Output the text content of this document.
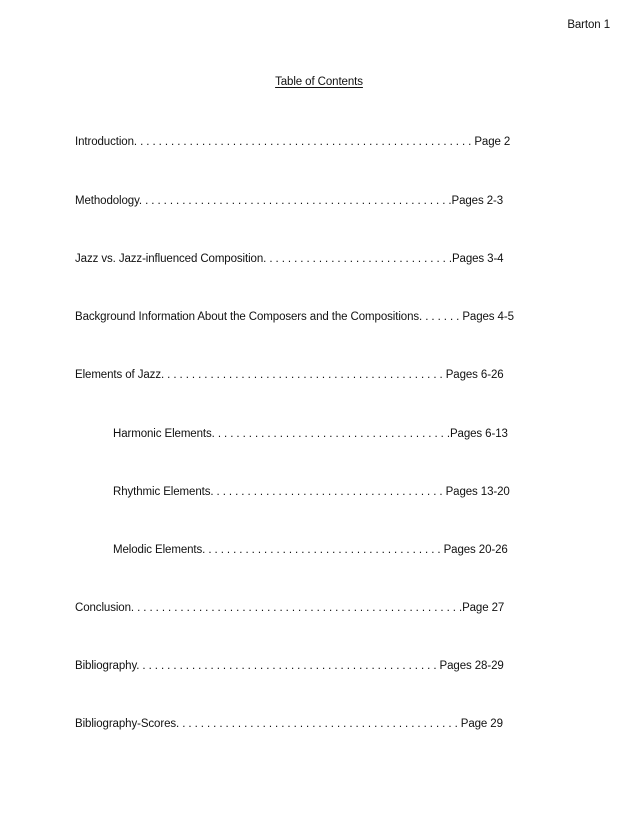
Barton 1
Table of Contents
Introduction. . . . . . . . . . . . . . . . . . . . . . . . . . . . . . . . . . . . . . . . . . . . . . . . . . . . . . . Page 2
Methodology. . . . . . . . . . . . . . . . . . . . . . . . . . . . . . . . . . . . . . . . . . . . . . . . . . .Pages 2-3
Jazz vs. Jazz-influenced Composition. . . . . . . . . . . . . . . . . . . . . . . . . . . . . . .Pages 3-4
Background Information About the Composers and the Compositions. . . . . . . Pages 4-5
Elements of Jazz. . . . . . . . . . . . . . . . . . . . . . . . . . . . . . . . . . . . . . . . . . . . . . Pages 6-26
Harmonic Elements. . . . . . . . . . . . . . . . . . . . . . . . . . . . . . . . . . . . . . .Pages 6-13
Rhythmic Elements. . . . . . . . . . . . . . . . . . . . . . . . . . . . . . . . . . . . . . Pages 13-20
Melodic Elements. . . . . . . . . . . . . . . . . . . . . . . . . . . . . . . . . . . . . . . Pages 20-26
Conclusion. . . . . . . . . . . . . . . . . . . . . . . . . . . . . . . . . . . . . . . . . . . . . . . . . . . . . .Page 27
Bibliography. . . . . . . . . . . . . . . . . . . . . . . . . . . . . . . . . . . . . . . . . . . . . . . . . Pages 28-29
Bibliography-Scores. . . . . . . . . . . . . . . . . . . . . . . . . . . . . . . . . . . . . . . . . . . . . . Page 29
